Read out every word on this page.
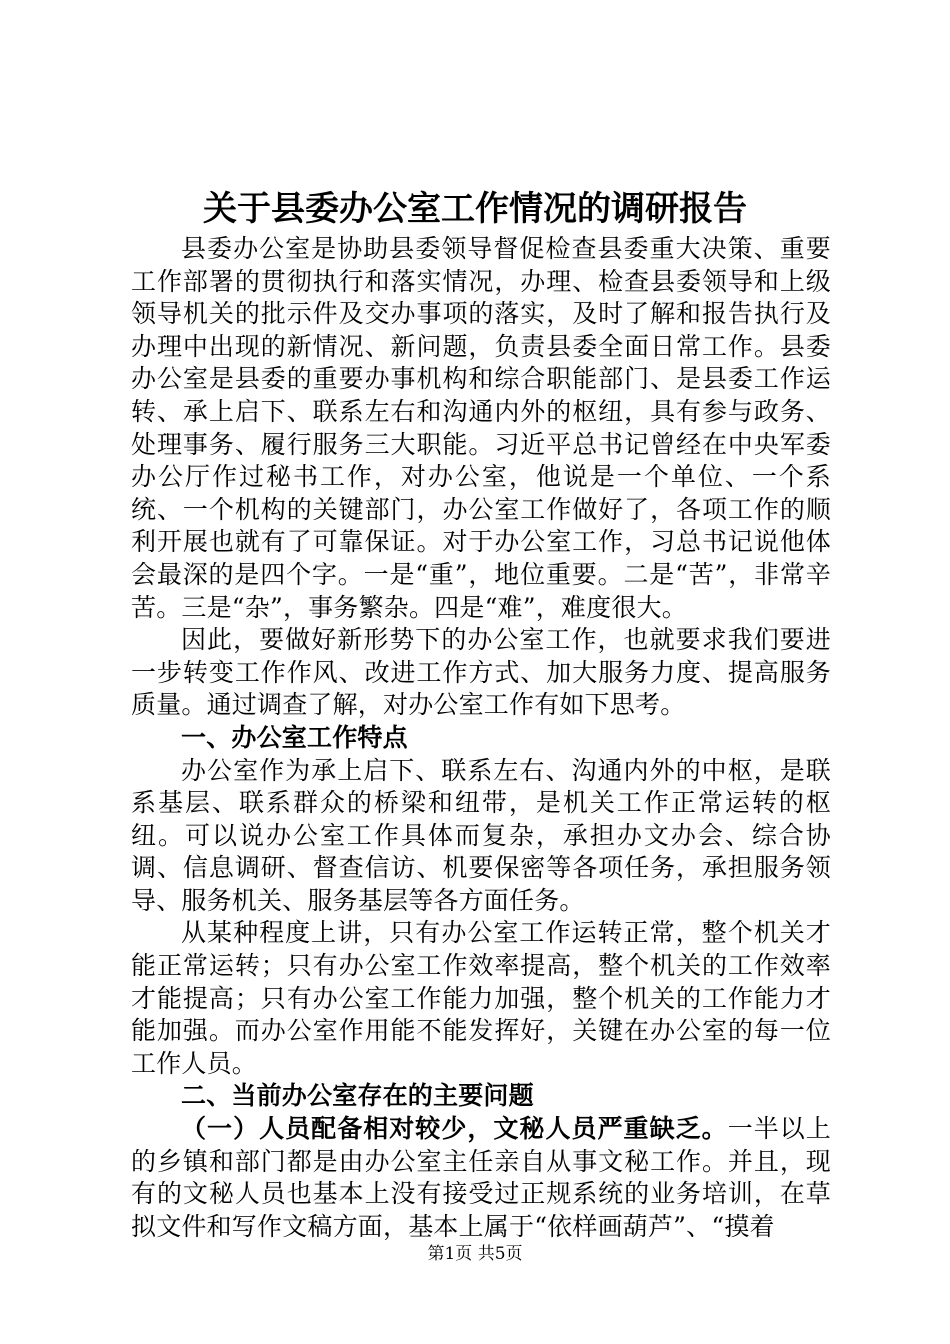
关于县委办公室工作情况的调研报告

县委办公室是协助县委领导督促检查县委重大决策、重要工作部署的贯彻执行和落实情况，办理、检查县委领导和上级领导机关的批示件及交办事项的落实，及时了解和报告执行及办理中出现的新情况、新问题，负责县委全面日常工作。县委办公室是县委的重要办事机构和综合职能部门、是县委工作运转、承上启下、联系左右和沟通内外的枢纽，具有参与政务、处理事务、履行服务三大职能。习近平总书记曾经在中央军委办公厅作过秘书工作，对办公室，他说是一个单位、一个系统、一个机构的关键部门，办公室工作做好了，各项工作的顺利开展也就有了可靠保证。对于办公室工作，习总书记说他体会最深的是四个字。一是“重”，地位重要。二是“苦”，非常辛苦。三是“杂”，事务繁杂。四是“难”，难度很大。

因此，要做好新形势下的办公室工作，也就要求我们要进一步转变工作作风、改进工作方式、加大服务力度、提高服务质量。通过调查了解，对办公室工作有如下思考。

一、办公室工作特点

办公室作为承上启下、联系左右、沟通内外的中枢，是联系基层、联系群众的桥梁和纽带，是机关工作正常运转的枢纽。可以说办公室工作具体而复杂，承担办文办会、综合协调、信息调研、督查信访、机要保密等各项任务，承担服务领导、服务机关、服务基层等各方面任务。

从某种程度上讲，只有办公室工作运转正常，整个机关才能正常运转；只有办公室工作效率提高，整个机关的工作效率才能提高；只有办公室工作能力加强，整个机关的工作能力才能加强。而办公室作用能不能发挥好，关键在办公室的每一位工作人员。

二、当前办公室存在的主要问题

（一）人员配备相对较少，文秘人员严重缺乏。一半以上的乡镇和部门都是由办公室主任亲自从事文秘工作。并且，现有的文秘人员也基本上没有接受过正规系统的业务培训，在草拟文件和写作文稿方面，基本上属于“依样画葫芦”、“摸着

第1页 共5页
